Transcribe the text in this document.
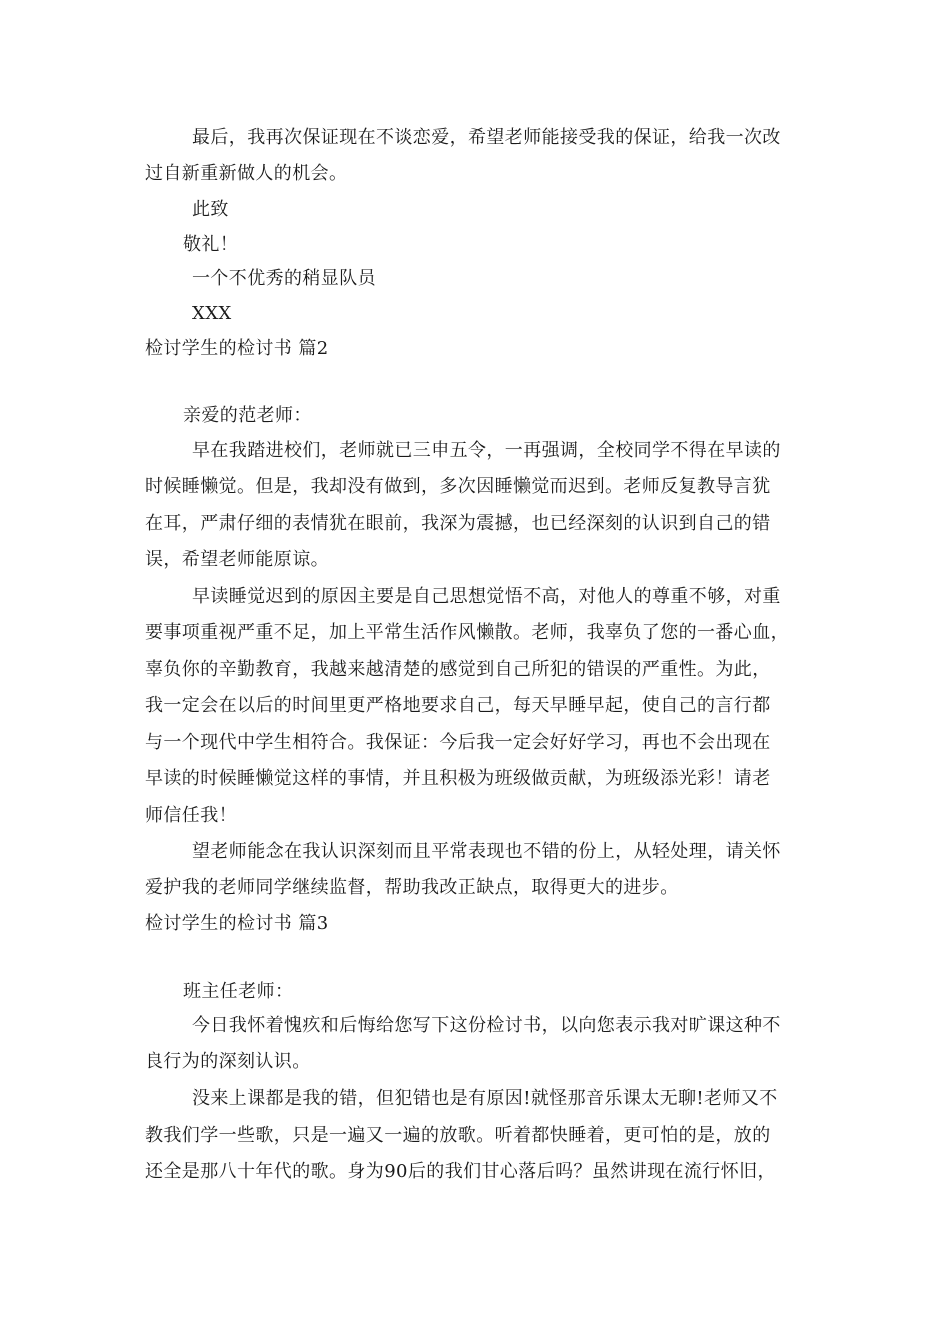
最后，我再次保证现在不谈恋爱，希望老师能接受我的保证，给我一次改
过自新重新做人的机会。
此致
敬礼！
一个不优秀的稍显队员
XXX
检讨学生的检讨书 篇2
亲爱的范老师：
早在我踏进校们，老师就已三申五令，一再强调，全校同学不得在早读的
时候睡懒觉。但是，我却没有做到，多次因睡懒觉而迟到。老师反复教导言犹
在耳，严肃仔细的表情犹在眼前，我深为震撼，也已经深刻的认识到自己的错
误，希望老师能原谅。
早读睡觉迟到的原因主要是自己思想觉悟不高，对他人的尊重不够，对重
要事项重视严重不足，加上平常生活作风懒散。老师，我辜负了您的一番心血，
辜负你的辛勤教育，我越来越清楚的感觉到自己所犯的错误的严重性。为此，
我一定会在以后的时间里更严格地要求自己，每天早睡早起，使自己的言行都
与一个现代中学生相符合。我保证：今后我一定会好好学习，再也不会出现在
早读的时候睡懒觉这样的事情，并且积极为班级做贡献，为班级添光彩！请老
师信任我！
望老师能念在我认识深刻而且平常表现也不错的份上，从轻处理，请关怀
爱护我的老师同学继续监督，帮助我改正缺点，取得更大的进步。
检讨学生的检讨书 篇3
班主任老师：
今日我怀着愧疚和后悔给您写下这份检讨书，以向您表示我对旷课这种不
良行为的深刻认识。
没来上课都是我的错，但犯错也是有原因!就怪那音乐课太无聊!老师又不
教我们学一些歌，只是一遍又一遍的放歌。听着都快睡着，更可怕的是，放的
还全是那八十年代的歌。身为90后的我们甘心落后吗？虽然讲现在流行怀旧，
